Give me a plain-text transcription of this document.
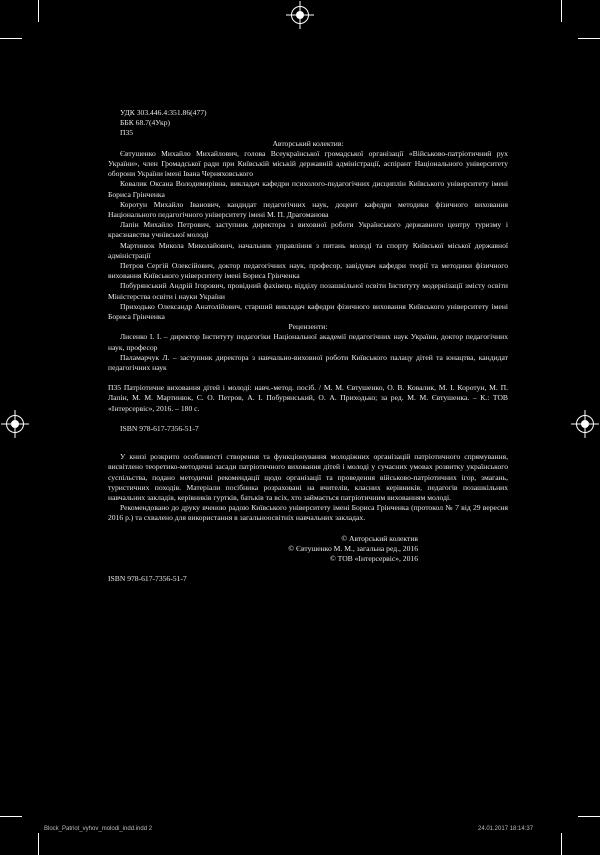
УДК 303.446.4:351.86(477)

ББК 68.7(4Укр)

П35

Авторський колектив:

Євтушенко Михайло Михайлович, голова Всеукраїнської громадської організації «Військово-патріотичний рух України», член Громадської ради при Київській міській державній адміністрації, аспірант Національного університету оборони України імені Івана Черняховського

Ковалик Оксана Володимирівна, викладач кафедри психолого-педагогічних дисциплін Київського університету імені Бориса Грінченка

Коротун Михайло Іванович, кандидат педагогічних наук, доцент кафедри методики фізичного виховання Національного педагогічного університету імені М. П. Драгоманова

Лапін Михайло Петрович, заступник директора з виховної роботи Українського державного центру туризму і краєзнавства учнівської молоді

Мартинюк Микола Миколайович, начальник управління з питань молоді та спорту Київської міської державної адміністрації

Петров Сергій Олексійович, доктор педагогічних наук, професор, завідувач кафедри теорії та методики фізичного виховання Київського університету імені Бориса Грінченка

Побурянський Андрій Ігорович, провідний фахівець відділу позашкільної освіти Інституту модернізації змісту освіти Міністерства освіти і науки України

Приходько Олександр Анатолійович, старший викладач кафедри фізичного виховання Київського університету імені Бориса Грінченка

Рецензенти:

Лисенко І. І. – директор Інституту педагогіки Національної академії педагогічних наук України, доктор педагогічних наук, професор

Паламарчук Л. – заступник директора з навчально-виховної роботи Київського палацу дітей та юнацтва, кандидат педагогічних наук

П35 Патріотичне виховання дітей і молоді: навч.-метод. посіб. / М. М. Євтушенко, О. В. Ковалик, М. І. Коротун, М. П. Лапін, М. М. Мартинюк, С. О. Петров, А. І. Побурянський, О. А. Приходько; за ред. М. М. Євтушенка. – К.: ТОВ «Інтерсервіс», 2016. – 180 с.

ISBN 978-617-7356-51-7

У книзі розкрито особливості створення та функціонування молодіжних організацій патріотичного спрямування, висвітлено теоретико-методичні засади патріотичного виховання дітей і молоді у сучасних умовах розвитку українського суспільства, подано методичні рекомендації щодо організації та проведення військово-патріотичних ігор, змагань, туристичних походів. Матеріали посібника розраховані на вчителів, класних керівників, педагогів позашкільних навчальних закладів, керівників гуртків, батьків та всіх, хто займається патріотичним вихованням молоді.

Рекомендовано до друку вченою радою Київського університету імені Бориса Грінченка (протокол № 7 від 29 вересня 2016 р.) та схвалено для використання в загальноосвітніх навчальних закладах.

© Авторський колектив

© Євтушенко М. М., загальна ред., 2016

© ТОВ «Інтерсервіс», 2016

ISBN 978-617-7356-51-7

Block_Patriot_vyhov_molodi_indd.indd 2	24.01.2017 18:14:37
